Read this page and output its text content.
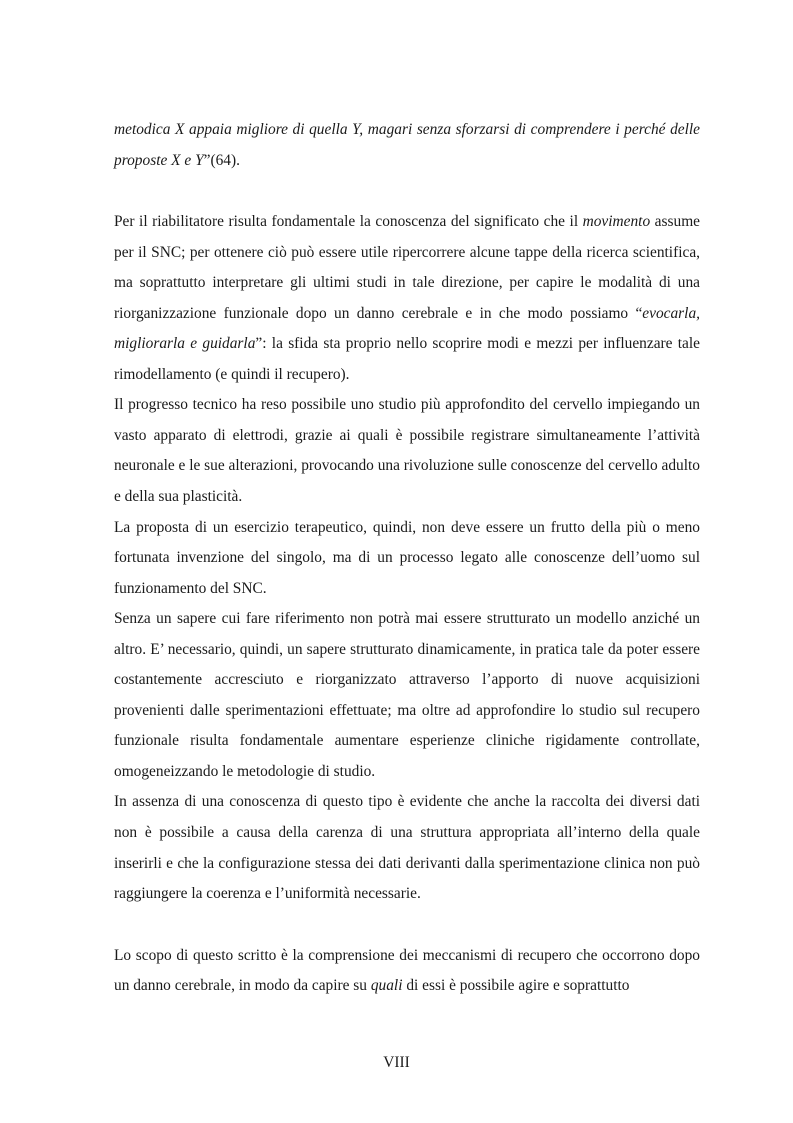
metodica X appaia migliore di quella Y, magari senza sforzarsi di comprendere i perché delle proposte X e Y”(64).

Per il riabilitatore risulta fondamentale la conoscenza del significato che il movimento assume per il SNC; per ottenere ciò può essere utile ripercorrere alcune tappe della ricerca scientifica, ma soprattutto interpretare gli ultimi studi in tale direzione, per capire le modalità di una riorganizzazione funzionale dopo un danno cerebrale e in che modo possiamo “evocarla, migliorarla e guidarla”: la sfida sta proprio nello scoprire modi e mezzi per influenzare tale rimodellamento (e quindi il recupero).

Il progresso tecnico ha reso possibile uno studio più approfondito del cervello impiegando un vasto apparato di elettrodi, grazie ai quali è possibile registrare simultaneamente l’attività neuronale e le sue alterazioni, provocando una rivoluzione sulle conoscenze del cervello adulto e della sua plasticità.

La proposta di un esercizio terapeutico, quindi, non deve essere un frutto della più o meno fortunata invenzione del singolo, ma di un processo legato alle conoscenze dell’uomo sul funzionamento del SNC.

Senza un sapere cui fare riferimento non potrà mai essere strutturato un modello anziché un altro. E’ necessario, quindi, un sapere strutturato dinamicamente, in pratica tale da poter essere costantemente accresciuto e riorganizzato attraverso l’apporto di nuove acquisizioni provenienti dalle sperimentazioni effettuate; ma oltre ad approfondire lo studio sul recupero funzionale risulta fondamentale aumentare esperienze cliniche rigidamente controllate, omogeneizzando le metodologie di studio.

In assenza di una conoscenza di questo tipo è evidente che anche la raccolta dei diversi dati non è possibile a causa della carenza di una struttura appropriata all’interno della quale inserirli e che la configurazione stessa dei dati derivanti dalla sperimentazione clinica non può raggiungere la coerenza e l’uniformità necessarie.

Lo scopo di questo scritto è la comprensione dei meccanismi di recupero che occorrono dopo un danno cerebrale, in modo da capire su quali di essi è possibile agire e soprattutto

VIII
